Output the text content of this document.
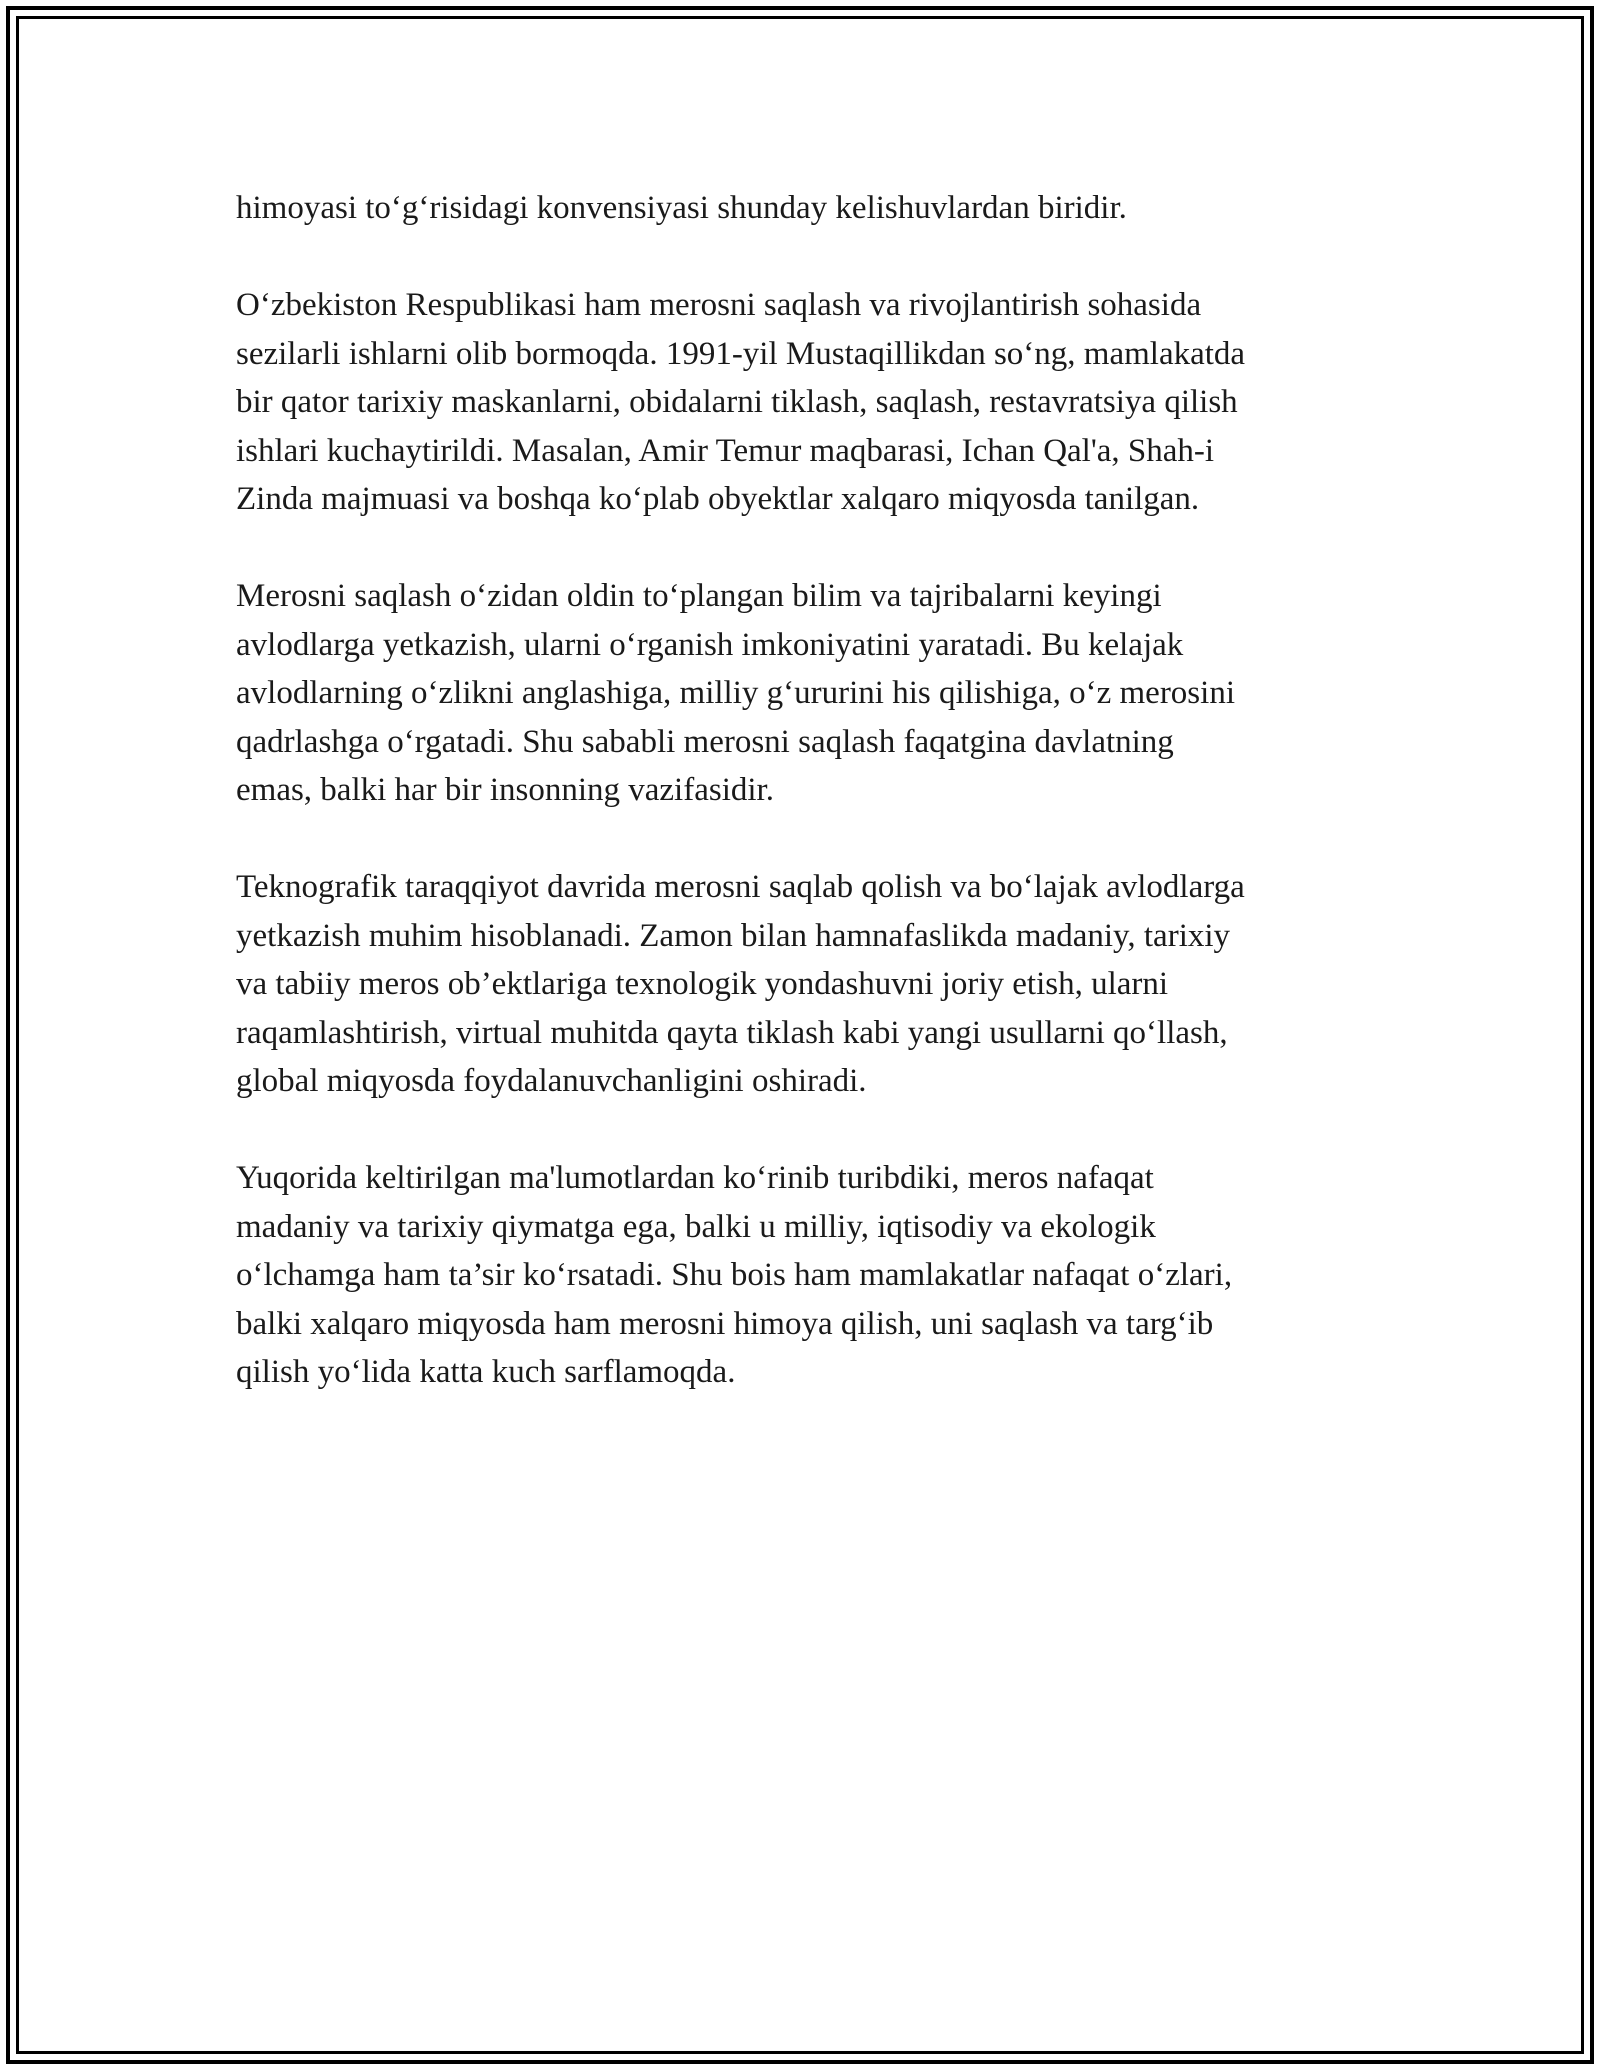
himoyasi to‘g‘risidagi konvensiyasi shunday kelishuvlardan biridir.

O‘zbekiston Respublikasi ham merosni saqlash va rivojlantirish sohasida
sezilarli ishlarni olib bormoqda. 1991-yil Mustaqillikdan so‘ng, mamlakatda
bir qator tarixiy maskanlarni, obidalarni tiklash, saqlash, restavratsiya qilish
ishlari kuchaytirildi. Masalan, Amir Temur maqbarasi, Ichan Qal'a, Shah-i
Zinda majmuasi va boshqa ko‘plab obyektlar xalqaro miqyosda tanilgan.

Merosni saqlash o‘zidan oldin to‘plangan bilim va tajribalarni keyingi
avlodlarga yetkazish, ularni o‘rganish imkoniyatini yaratadi. Bu kelajak
avlodlarning o‘zlikni anglashiga, milliy g‘ururini his qilishiga, o‘z merosini
qadrlashga o‘rgatadi. Shu sababli merosni saqlash faqatgina davlatning
emas, balki har bir insonning vazifasidir.

Teknografik taraqqiyot davrida merosni saqlab qolish va bo‘lajak avlodlarga
yetkazish muhim hisoblanadi. Zamon bilan hamnafaslikda madaniy, tarixiy
va tabiiy meros ob’ektlariga texnologik yondashuvni joriy etish, ularni
raqamlashtirish, virtual muhitda qayta tiklash kabi yangi usullarni qo‘llash,
global miqyosda foydalanuvchanligini oshiradi.

Yuqorida keltirilgan ma'lumotlardan ko‘rinib turibdiki, meros nafaqat
madaniy va tarixiy qiymatga ega, balki u milliy, iqtisodiy va ekologik
o‘lchamga ham ta’sir ko‘rsatadi. Shu bois ham mamlakatlar nafaqat o‘zlari,
balki xalqaro miqyosda ham merosni himoya qilish, uni saqlash va targ‘ib
qilish yo‘lida katta kuch sarflamoqda.
